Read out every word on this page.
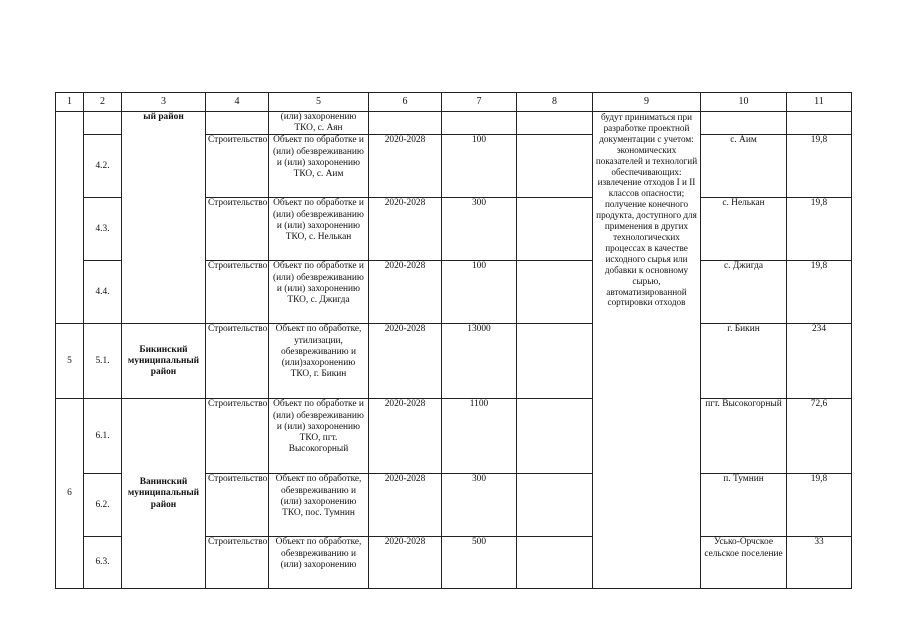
1	2	3	4	5	6	7	8	9	10	11
		ый район		(или) захоронению ТКО, с. Аян				будут приниматься при разработке проектной документации с учетом: экономических показателей и технологий обеспечивающих: извлечение отходов I и II классов опасности; получение конечного продукта, доступного для применения в других технологических процессах в качестве исходного сырья или добавки к основному сырью, автоматизированной сортировки отходов		
	4.2.		Строительство	Объект по обработке и (или) обезвреживанию и (или) захоронению ТКО, с. Аим	2020-2028	100			с. Аим	19,8
	4.3.		Строительство	Объект по обработке и (или) обезвреживанию и (или) захоронению ТКО, с. Нелькан	2020-2028	300			с. Нелькан	19,8
	4.4.		Строительство	Объект по обработке и (или) обезвреживанию и (или) захоронению ТКО, с. Джигда	2020-2028	100			с. Джигда	19,8
5	5.1.	Бикинский муниципальный район	Строительство	Объект по обработке, утилизации, обезвреживанию и (или)захоронению ТКО, г. Бикин	2020-2028	13000			г. Бикин	234
6	6.1.	Ванинский муниципальный район	Строительство	Объект по обработке и (или) обезвреживанию и (или) захоронению ТКО, пгт. Высокогорный	2020-2028	1100			пгт. Высокогорный	72,6
	6.2.		Строительство	Объект по обработке, обезвреживанию и (или) захоронению ТКО, пос. Тумнин	2020-2028	300			п. Тумнин	19,8
	6.3.		Строительство	Объект по обработке, обезвреживанию и (или) захоронению	2020-2028	500			Усько-Орчское сельское поселение	33
